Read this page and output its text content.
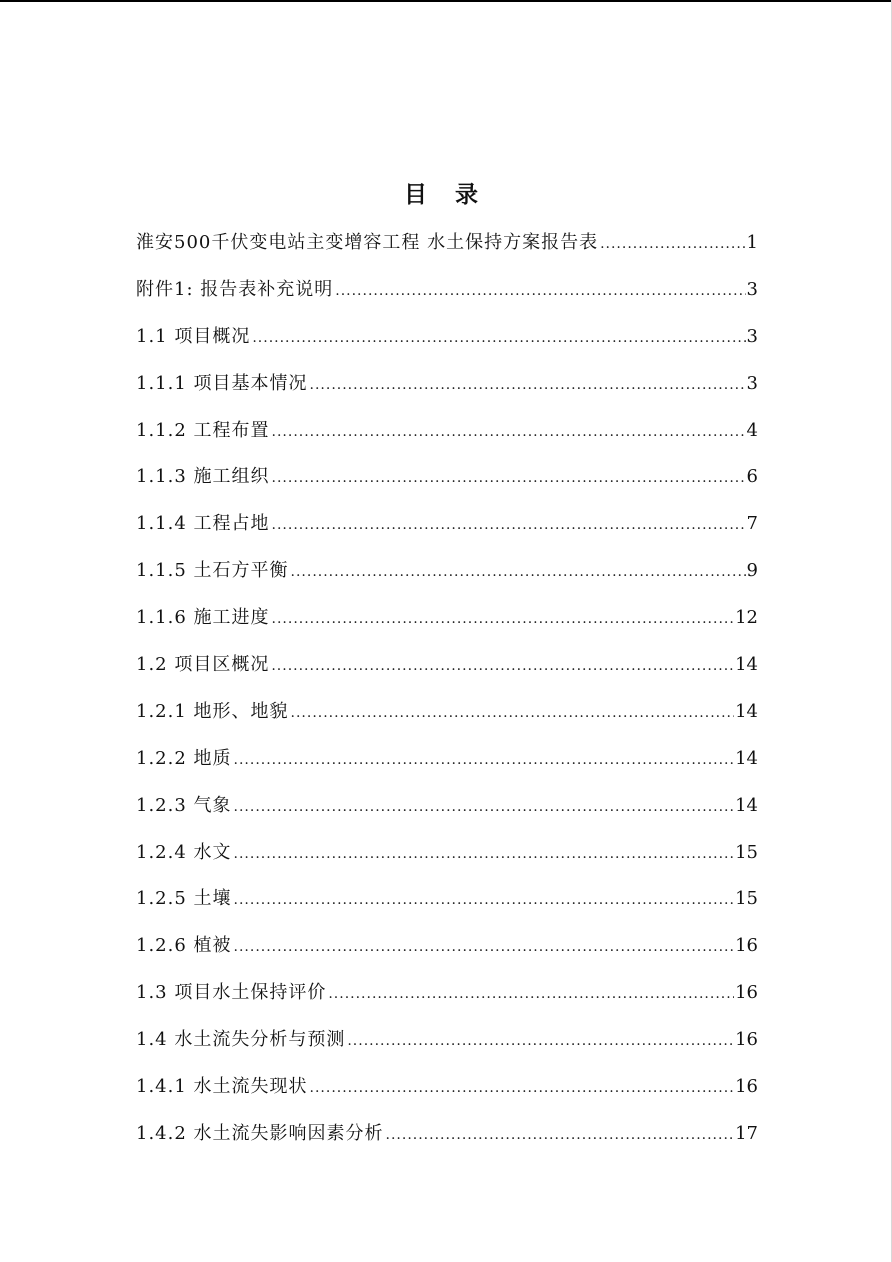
目 录
淮安500千伏变电站主变增容工程 水土保持方案报告表 .....	1
附件1: 报告表补充说明 .....	3
1.1 项目概况 .....	3
1.1.1 项目基本情况 .....	3
1.1.2 工程布置 .....	4
1.1.3 施工组织 .....	6
1.1.4 工程占地 .....	7
1.1.5 土石方平衡 .....	9
1.1.6 施工进度 .....	12
1.2 项目区概况 .....	14
1.2.1 地形、地貌 .....	14
1.2.2 地质 .....	14
1.2.3 气象 .....	14
1.2.4 水文 .....	15
1.2.5 土壤 .....	15
1.2.6 植被 .....	16
1.3 项目水土保持评价 .....	16
1.4 水土流失分析与预测 .....	16
1.4.1 水土流失现状 .....	16
1.4.2 水土流失影响因素分析 .....	17
